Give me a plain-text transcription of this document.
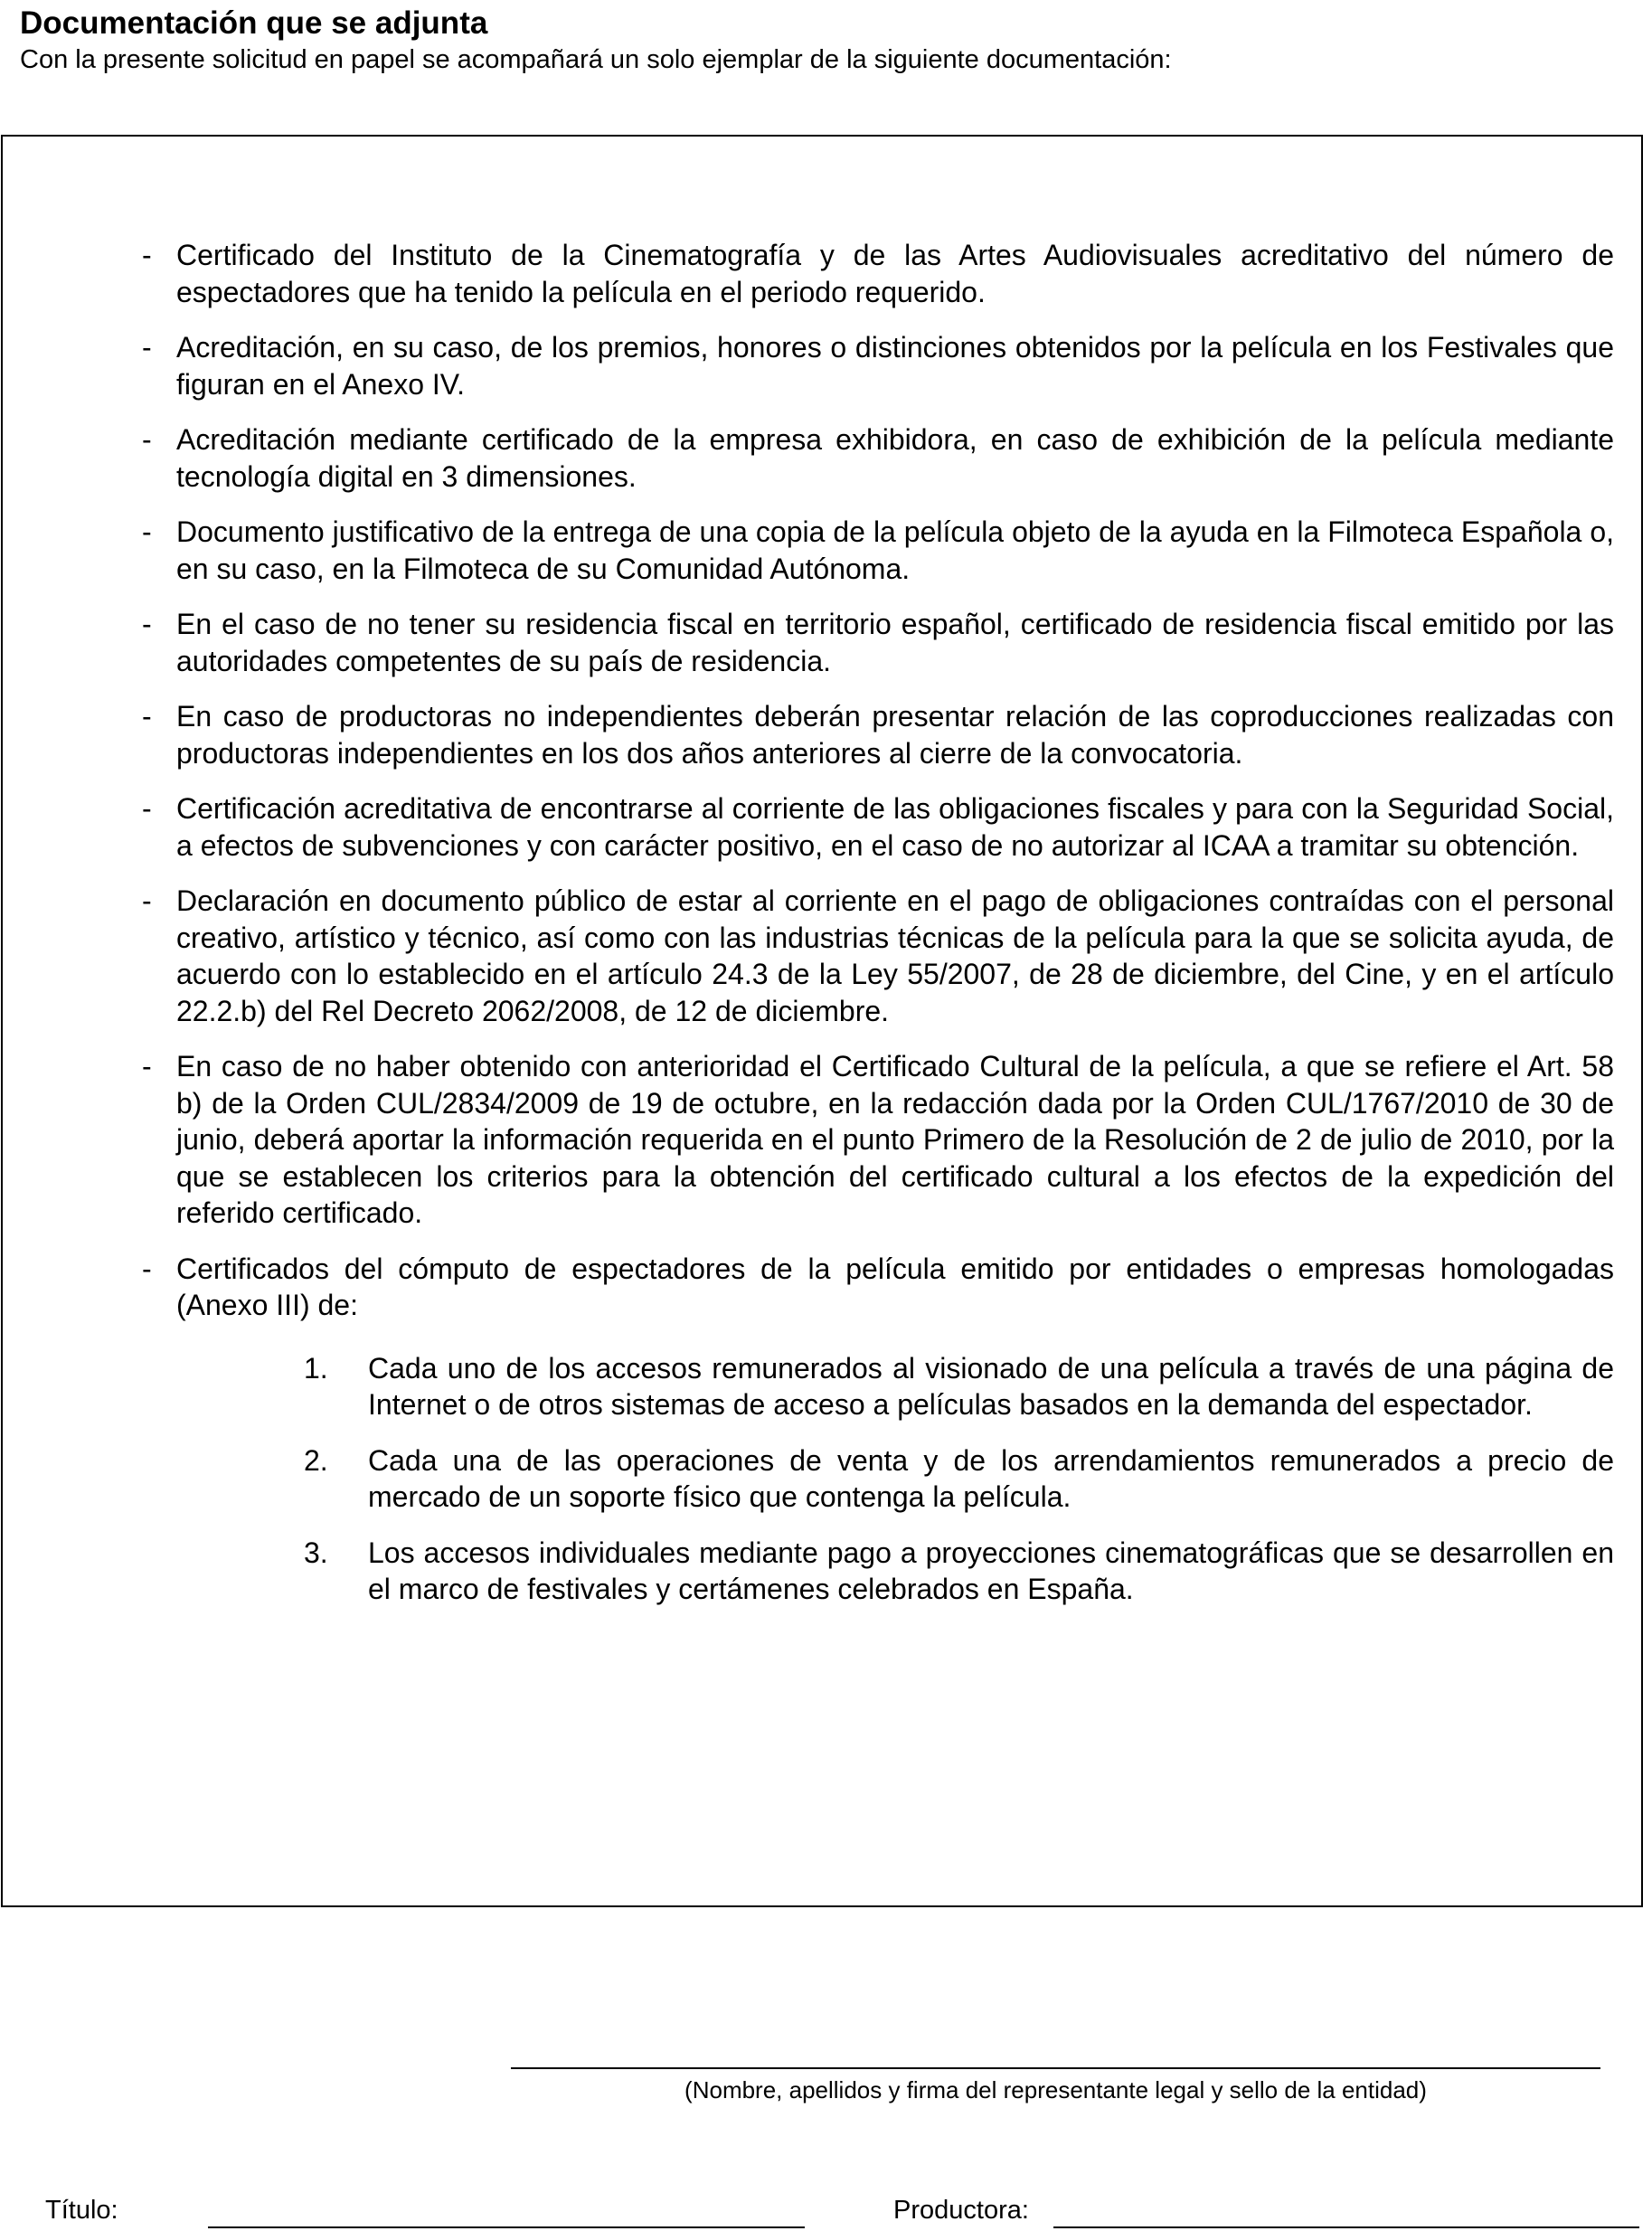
Documentación que se adjunta
Con la presente solicitud en papel se acompañará un solo ejemplar de la siguiente documentación:
- Certificado del Instituto de la Cinematografía y de las Artes Audiovisuales acreditativo del número de espectadores que ha tenido la película en el periodo requerido.
- Acreditación, en su caso, de los premios, honores o distinciones obtenidos por la película en los Festivales que figuran en el Anexo IV.
- Acreditación mediante certificado de la empresa exhibidora, en caso de exhibición de la película mediante tecnología digital en 3 dimensiones.
- Documento justificativo de la entrega de una copia de la película objeto de la ayuda en la Filmoteca Española o, en su caso, en la Filmoteca de su Comunidad Autónoma.
- En el caso de no tener su residencia fiscal en territorio español, certificado de residencia fiscal emitido por las autoridades competentes de su país de residencia.
- En caso de productoras no independientes deberán presentar relación de las coproducciones realizadas con productoras independientes en los dos años anteriores al cierre de la convocatoria.
- Certificación acreditativa de encontrarse al corriente de las obligaciones fiscales y para con la Seguridad Social, a efectos de subvenciones y con carácter positivo, en el caso de no autorizar al ICAA a tramitar su obtención.
- Declaración en documento público de estar al corriente en el pago de obligaciones contraídas con el personal creativo, artístico y técnico, así como con las industrias técnicas de la película para la que se solicita ayuda, de acuerdo con lo establecido en el artículo 24.3 de la Ley 55/2007, de 28 de diciembre, del Cine, y en el artículo 22.2.b) del Rel Decreto 2062/2008, de 12 de diciembre.
- En caso de no haber obtenido con anterioridad el Certificado Cultural de la película, a que se refiere el Art. 58 b) de la Orden CUL/2834/2009 de 19 de octubre, en la redacción dada por la Orden CUL/1767/2010 de 30 de junio, deberá aportar la información requerida en el punto Primero de la Resolución de 2 de julio de 2010, por la que se establecen los criterios para la obtención del certificado cultural a los efectos de la expedición del referido certificado.
- Certificados del cómputo de espectadores de la película emitido por entidades o empresas homologadas (Anexo III) de:
1. Cada uno de los accesos remunerados al visionado de una película a través de una página de Internet o de otros sistemas de acceso a películas basados en la demanda del espectador.
2. Cada una de las operaciones de venta y de los arrendamientos remunerados a precio de mercado de un soporte físico que contenga la película.
3. Los accesos individuales mediante pago a proyecciones cinematográficas que se desarrollen en el marco de festivales y certámenes celebrados en España.
(Nombre, apellidos y firma del representante legal y sello de la entidad)
Título:	Productora:
